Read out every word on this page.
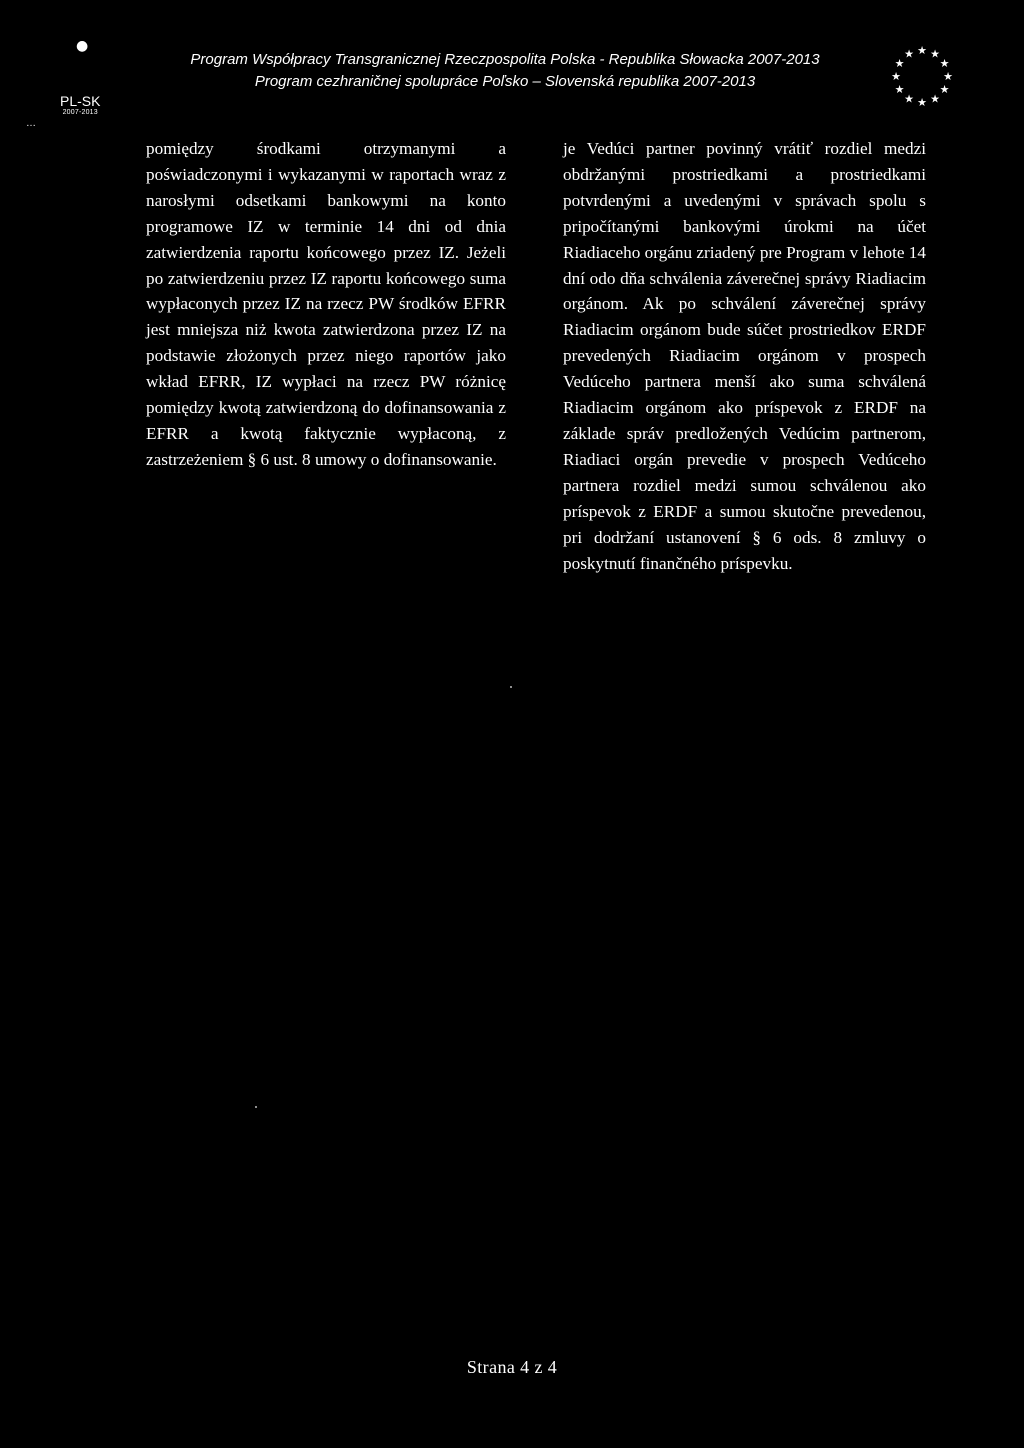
●
PL-SK
2007-2013
…
Program Współpracy Transgranicznej Rzeczpospolita Polska - Republika Słowacka 2007-2013
Program cezhraničnej spolupráce Poľsko – Slovenská republika 2007-2013
★ ★
★
★
★
★
★
★
★
★
★
★
pomiędzy środkami otrzymanymi a poświadczonymi i wykazanymi w raportach wraz z narosłymi odsetkami bankowymi na konto programowe IZ w terminie 14 dni od dnia zatwierdzenia raportu końcowego przez IZ. Jeżeli po zatwierdzeniu przez IZ raportu końcowego suma wypłaconych przez IZ na rzecz PW środków EFRR jest mniejsza niż kwota zatwierdzona przez IZ na podstawie złożonych przez niego raportów jako wkład EFRR, IZ wypłaci na rzecz PW różnicę pomiędzy kwotą zatwierdzoną do dofinansowania z EFRR a kwotą faktycznie wypłaconą, z zastrzeżeniem § 6 ust. 8 umowy o dofinansowanie.
je Vedúci partner povinný vrátiť rozdiel medzi obdržanými prostriedkami a prostriedkami potvrdenými a uvedenými v správach spolu s pripočítanými bankovými úrokmi na účet Riadiaceho orgánu zriadený pre Program v lehote 14 dní odo dňa schválenia záverečnej správy Riadiacim orgánom. Ak po schválení záverečnej správy Riadiacim orgánom bude súčet prostriedkov ERDF prevedených Riadiacim orgánom v prospech Vedúceho partnera menší ako suma schválená Riadiacim orgánom ako príspevok z ERDF na základe správ predložených Vedúcim partnerom, Riadiaci orgán prevedie v prospech Vedúceho partnera rozdiel medzi sumou schválenou ako príspevok z ERDF a sumou skutočne prevedenou, pri dodržaní ustanovení § 6 ods. 8 zmluvy o poskytnutí finančného príspevku.
Strana 4 z 4
